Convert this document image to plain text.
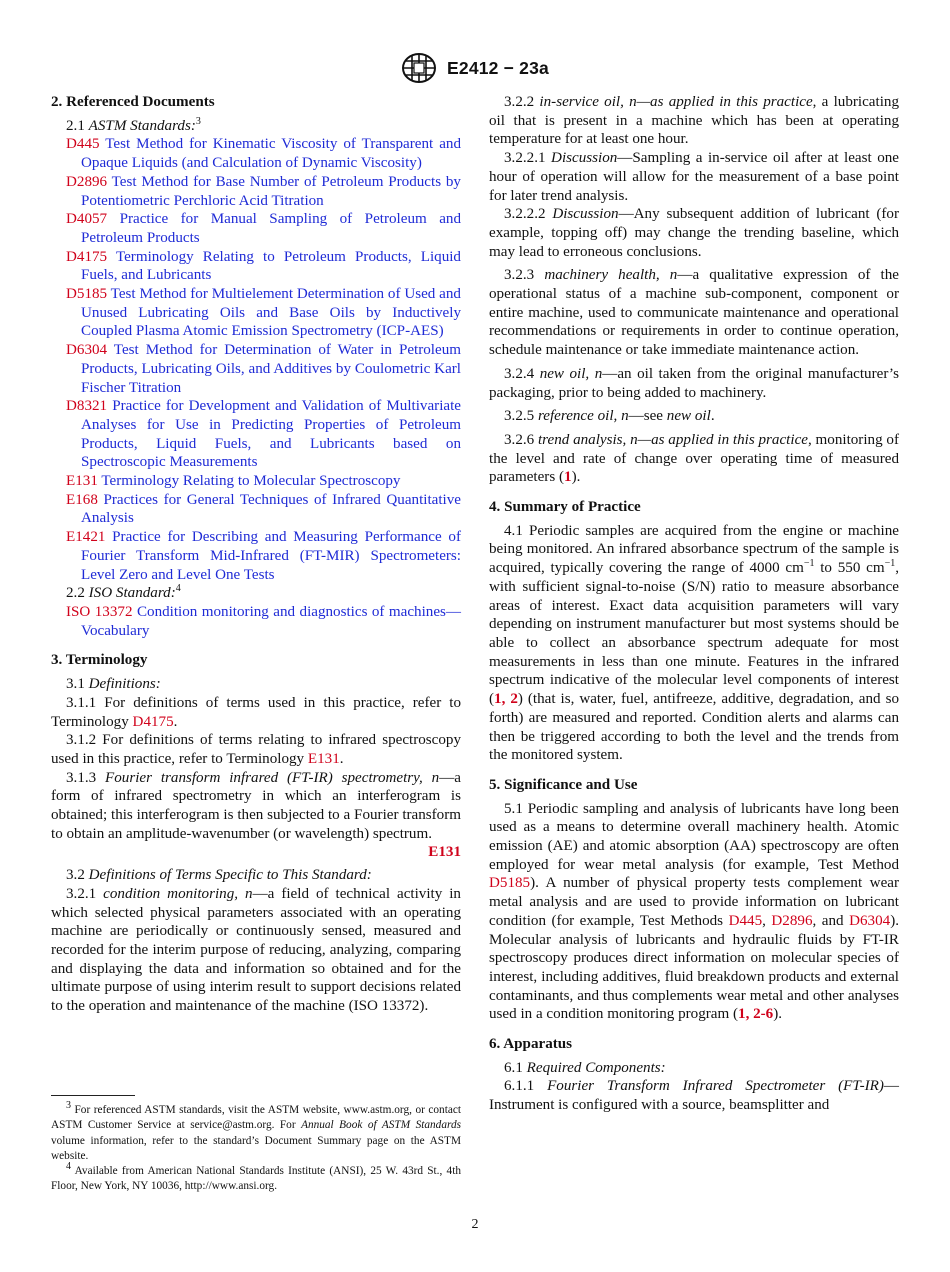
E2412 − 23a

2. Referenced Documents

2.1 ASTM Standards:$^3$

D445 Test Method for Kinematic Viscosity of Transparent and Opaque Liquids (and Calculation of Dynamic Viscosity)

D2896 Test Method for Base Number of Petroleum Products by Potentiometric Perchloric Acid Titration

D4057 Practice for Manual Sampling of Petroleum and Petroleum Products

D4175 Terminology Relating to Petroleum Products, Liquid Fuels, and Lubricants

D5185 Test Method for Multielement Determination of Used and Unused Lubricating Oils and Base Oils by Inductively Coupled Plasma Atomic Emission Spectrometry (ICP-AES)

D6304 Test Method for Determination of Water in Petroleum Products, Lubricating Oils, and Additives by Coulometric Karl Fischer Titration

D8321 Practice for Development and Validation of Multivariate Analyses for Use in Predicting Properties of Petroleum Products, Liquid Fuels, and Lubricants based on Spectroscopic Measurements

E131 Terminology Relating to Molecular Spectroscopy

E168 Practices for General Techniques of Infrared Quantitative Analysis

E1421 Practice for Describing and Measuring Performance of Fourier Transform Mid-Infrared (FT-MIR) Spectrometers: Level Zero and Level One Tests

2.2 ISO Standard:$^4$

ISO 13372 Condition monitoring and diagnostics of machines—Vocabulary

3. Terminology

3.1 Definitions:

3.1.1 For definitions of terms used in this practice, refer to Terminology D4175.

3.1.2 For definitions of terms relating to infrared spectroscopy used in this practice, refer to Terminology E131.

3.1.3 Fourier transform infrared (FT-IR) spectrometry, n—a form of infrared spectrometry in which an interferogram is obtained; this interferogram is then subjected to a Fourier transform to obtain an amplitude-wavenumber (or wavelength) spectrum.
E131

3.2 Definitions of Terms Specific to This Standard:

3.2.1 condition monitoring, n—a field of technical activity in which selected physical parameters associated with an operating machine are periodically or continuously sensed, measured and recorded for the interim purpose of reducing, analyzing, comparing and displaying the data and information so obtained and for the ultimate purpose of using interim result to support decisions related to the operation and maintenance of the machine (ISO 13372).

$^3$ For referenced ASTM standards, visit the ASTM website, www.astm.org, or contact ASTM Customer Service at service@astm.org. For Annual Book of ASTM Standards volume information, refer to the standard’s Document Summary page on the ASTM website.

$^4$ Available from American National Standards Institute (ANSI), 25 W. 43rd St., 4th Floor, New York, NY 10036, http://www.ansi.org.

3.2.2 in-service oil, n—as applied in this practice, a lubricating oil that is present in a machine which has been at operating temperature for at least one hour.

3.2.2.1 Discussion—Sampling a in-service oil after at least one hour of operation will allow for the measurement of a base point for later trend analysis.

3.2.2.2 Discussion—Any subsequent addition of lubricant (for example, topping off) may change the trending baseline, which may lead to erroneous conclusions.

3.2.3 machinery health, n—a qualitative expression of the operational status of a machine sub-component, component or entire machine, used to communicate maintenance and operational recommendations or requirements in order to continue operation, schedule maintenance or take immediate maintenance action.

3.2.4 new oil, n—an oil taken from the original manufacturer’s packaging, prior to being added to machinery.

3.2.5 reference oil, n—see new oil.

3.2.6 trend analysis, n—as applied in this practice, monitoring of the level and rate of change over operating time of measured parameters (1).

4. Summary of Practice

4.1 Periodic samples are acquired from the engine or machine being monitored. An infrared absorbance spectrum of the sample is acquired, typically covering the range of 4000 $cm^{-1}$ to 550 $cm^{-1}$, with sufficient signal-to-noise (S/N) ratio to measure absorbance areas of interest. Exact data acquisition parameters will vary depending on instrument manufacturer but most systems should be able to collect an absorbance spectrum adequate for most measurements in less than one minute. Features in the infrared spectrum indicative of the molecular level components of interest (1, 2) (that is, water, fuel, antifreeze, additive, degradation, and so forth) are measured and reported. Condition alerts and alarms can then be triggered according to both the level and the trends from the monitored system.

5. Significance and Use

5.1 Periodic sampling and analysis of lubricants have long been used as a means to determine overall machinery health. Atomic emission (AE) and atomic absorption (AA) spectroscopy are often employed for wear metal analysis (for example, Test Method D5185). A number of physical property tests complement wear metal analysis and are used to provide information on lubricant condition (for example, Test Methods D445, D2896, and D6304). Molecular analysis of lubricants and hydraulic fluids by FT-IR spectroscopy produces direct information on molecular species of interest, including additives, fluid breakdown products and external contaminants, and thus complements wear metal and other analyses used in a condition monitoring program (1, 2-6).

6. Apparatus

6.1 Required Components:

6.1.1 Fourier Transform Infrared Spectrometer (FT-IR)—Instrument is configured with a source, beamsplitter and

2
